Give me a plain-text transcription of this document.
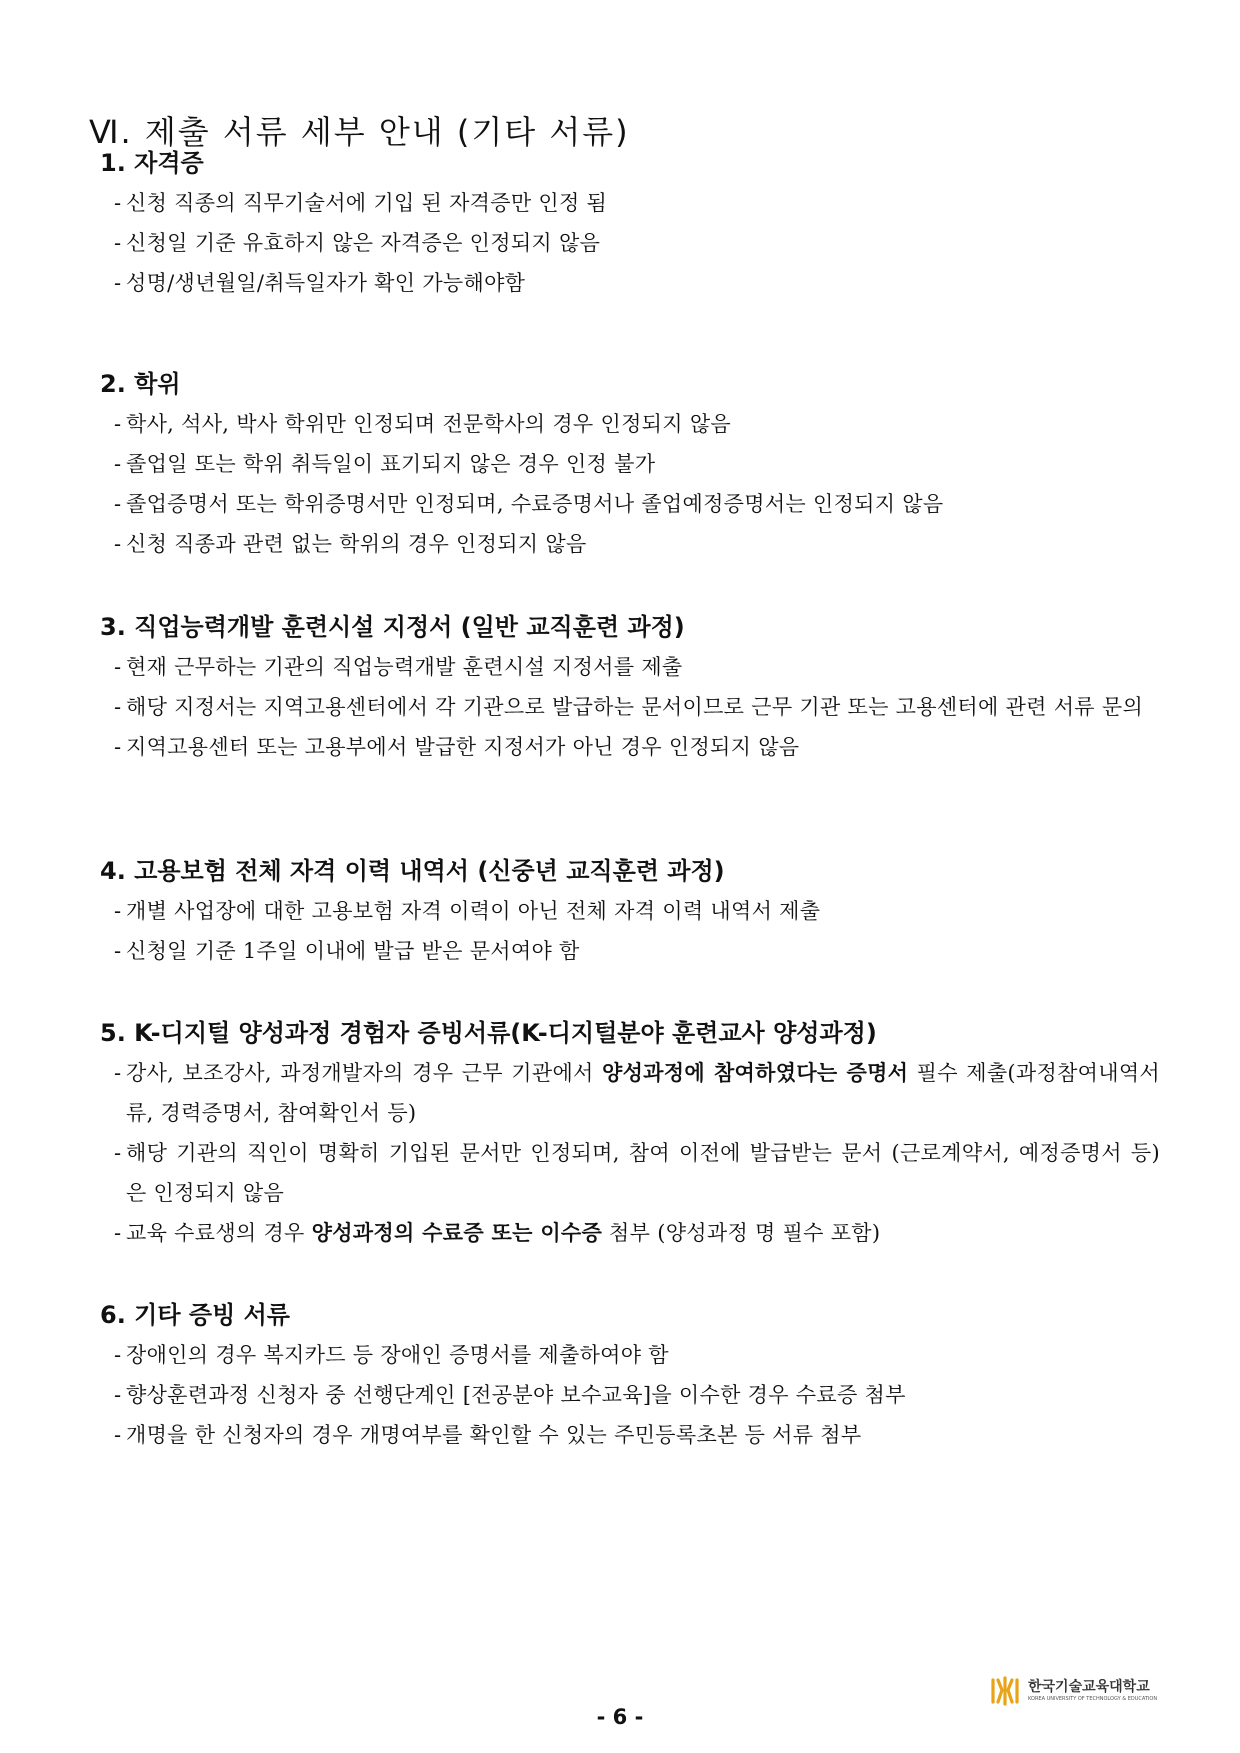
Ⅵ. 제출 서류 세부 안내 (기타 서류)
1. 자격증
- 신청 직종의 직무기술서에 기입 된 자격증만 인정 됨
- 신청일 기준 유효하지 않은 자격증은 인정되지 않음
- 성명/생년월일/취득일자가 확인 가능해야함
2. 학위
- 학사, 석사, 박사 학위만 인정되며 전문학사의 경우 인정되지 않음
- 졸업일 또는 학위 취득일이 표기되지 않은 경우 인정 불가
- 졸업증명서 또는 학위증명서만 인정되며, 수료증명서나 졸업예정증명서는 인정되지 않음
- 신청 직종과 관련 없는 학위의 경우 인정되지 않음
3. 직업능력개발 훈련시설 지정서 (일반 교직훈련 과정)
- 현재 근무하는 기관의 직업능력개발 훈련시설 지정서를 제출
- 해당 지정서는 지역고용센터에서 각 기관으로 발급하는 문서이므로 근무 기관 또는 고용센터에 관련 서류 문의
- 지역고용센터 또는 고용부에서 발급한 지정서가 아닌 경우 인정되지 않음
4. 고용보험 전체 자격 이력 내역서 (신중년 교직훈련 과정)
- 개별 사업장에 대한 고용보험 자격 이력이 아닌 전체 자격 이력 내역서 제출
- 신청일 기준 1주일 이내에 발급 받은 문서여야 함
5. K-디지털 양성과정 경험자 증빙서류(K-디지털분야 훈련교사 양성과정)
- 강사, 보조강사, 과정개발자의 경우 근무 기관에서 양성과정에 참여하였다는 증명서 필수 제출(과정참여내역서류, 경력증명서, 참여확인서 등)
- 해당 기관의 직인이 명확히 기입된 문서만 인정되며, 참여 이전에 발급받는 문서 (근로계약서, 예정증명서 등) 은 인정되지 않음
- 교육 수료생의 경우 양성과정의 수료증 또는 이수증 첨부 (양성과정 명 필수 포함)
6. 기타 증빙 서류
- 장애인의 경우 복지카드 등 장애인 증명서를 제출하여야 함
- 향상훈련과정 신청자 중 선행단계인 [전공분야 보수교육]을 이수한 경우 수료증 첨부
- 개명을 한 신청자의 경우 개명여부를 확인할 수 있는 주민등록초본 등 서류 첨부
- 6 -
한국기술교육대학교
KOREA UNIVERSITY OF TECHNOLOGY & EDUCATION
